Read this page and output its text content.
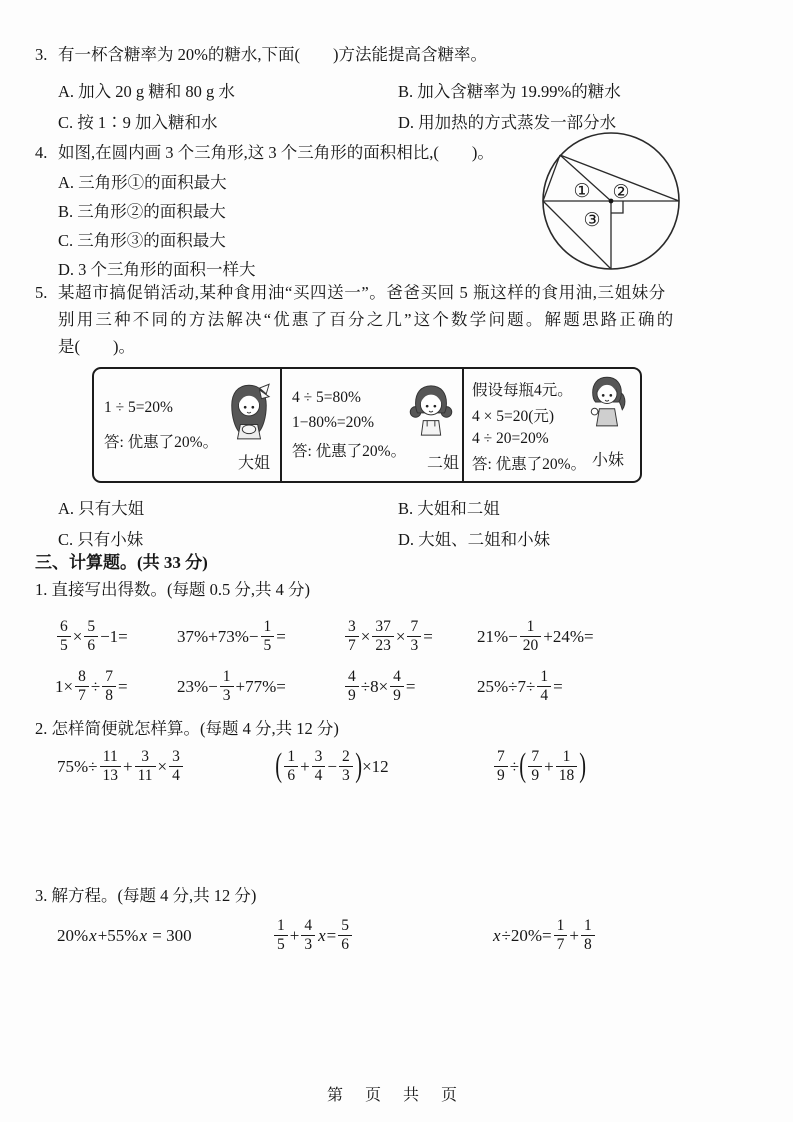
3. 有一杯含糖率为 20%的糖水,下面(　　)方法能提高含糖率。
A. 加入 20 g 糖和 80 g 水	B. 加入含糖率为 19.99%的糖水
C. 按 1∶9 加入糖和水	D. 用加热的方式蒸发一部分水
4. 如图,在圆内画 3 个三角形,这 3 个三角形的面积相比,(　　)。
A. 三角形①的面积最大
B. 三角形②的面积最大
C. 三角形③的面积最大
D. 3 个三角形的面积一样大
① ②
③
5. 某超市搞促销活动,某种食用油“买四送一”。爸爸买回 5 瓶这样的食用油,三姐妹分
别用三种不同的方法解决“优惠了百分之几”这个数学问题。解题思路正确的
是(　　)。
1 ÷ 5=20%
答: 优惠了20%。
大姐
4 ÷ 5=80%
1−80%=20%
答: 优惠了20%。
二姐
假设每瓶4元。
4 × 5=20(元)
4 ÷ 20=20%
答: 优惠了20%。 小妹
A. 只有大姐	B. 大姐和二姐
C. 只有小妹	D. 大姐、二姐和小妹
三、计算题。(共 33 分)
1. 直接写出得数。(每题 0.5 分,共 4 分)
$\frac{6}{5} \times \frac{5}{6} -1=$	$37\%+73\%- \frac{1}{5}$ =	$\frac{3}{7} \times \frac{37}{23} \times \frac{7}{3}$ =	$21\%- \frac{1}{20} +24\%=$
$1\times \frac{8}{7} \div \frac{7}{8}$ =	$23\%- \frac{1}{3} +77\%=$	$\frac{4}{9} \div 8\times \frac{4}{9}$ =	$25\%\div 7\div \frac{1}{4}$ =
2. 怎样简便就怎样算。(每题 4 分,共 12 分)
$75\%\div \frac{11}{13} + \frac{3}{11} \times \frac{3}{4}$	( $\frac{1}{6} + \frac{3}{4} - \frac{2}{3}$ ) ×12	$\frac{7}{9}$ ÷ ( $\frac{7}{9} + \frac{1}{18}$ )
3. 解方程。(每题 4 分,共 12 分)
20% x +55% x = 300	$\frac{1}{5} + \frac{4}{3}$ $x = \frac{5}{6}$	$x \div 20\%= \frac{1}{7} + \frac{1}{8}$
第 页 共 页
